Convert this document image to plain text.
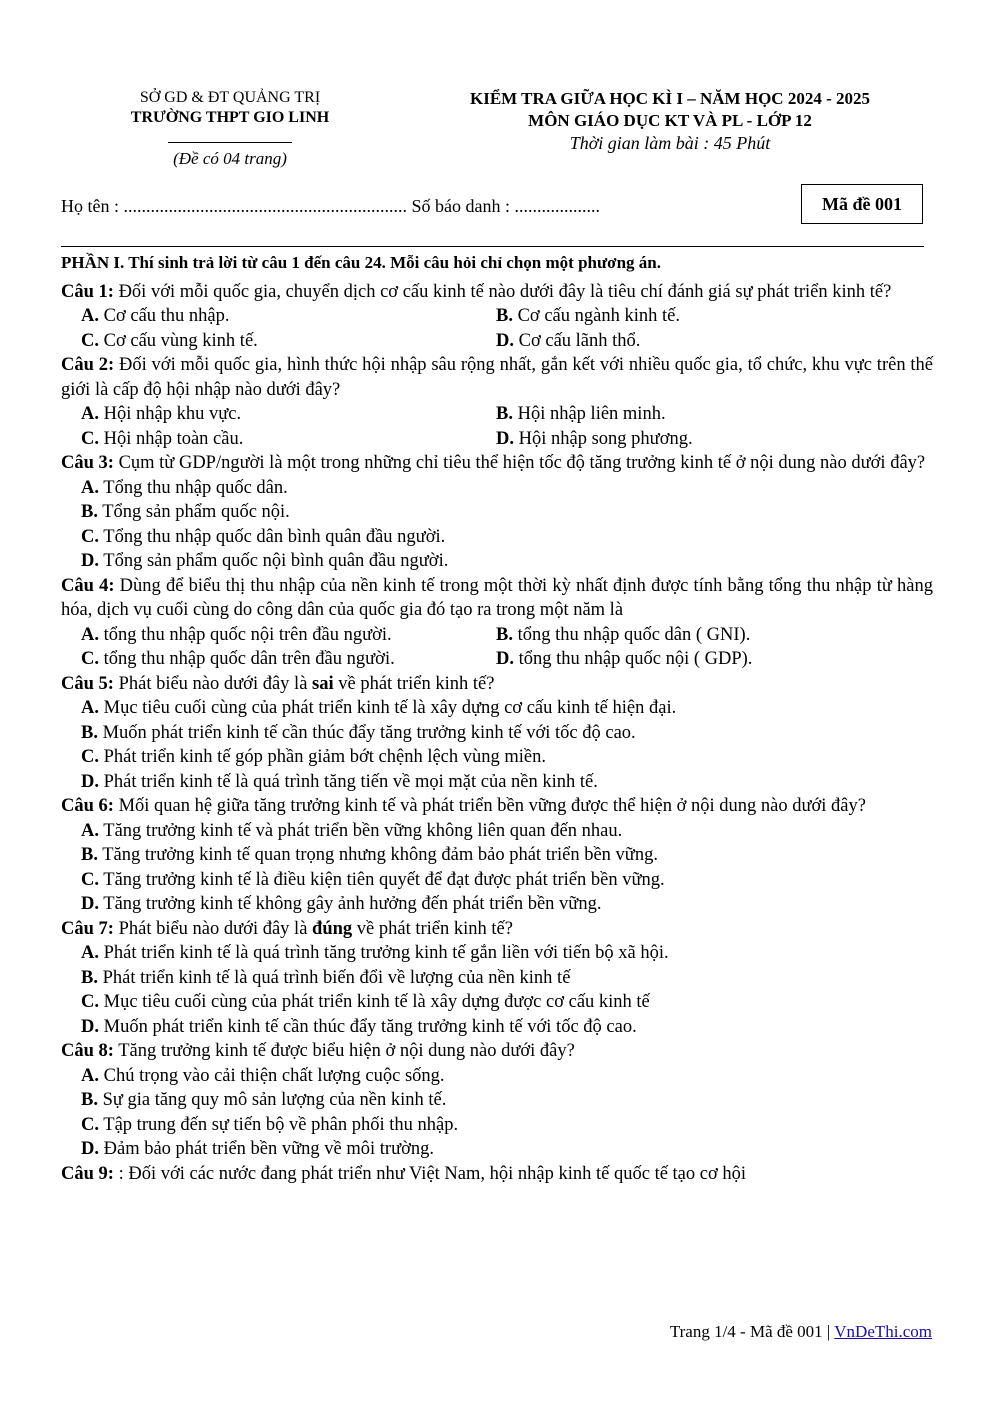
SỞ GD & ĐT QUẢNG TRỊ
TRƯỜNG THPT GIO LINH
(Đề có 04 trang)
KIỂM TRA GIỮA HỌC KÌ I – NĂM HỌC 2024 - 2025
MÔN GIÁO DỤC KT VÀ PL - LỚP 12
Thời gian làm bài : 45 Phút
Họ tên : ............................................................... Số báo danh : ...................	Mã đề 001
PHẦN I. Thí sinh trả lời từ câu 1 đến câu 24. Mỗi câu hỏi chỉ chọn một phương án.
Câu 1: Đối với mỗi quốc gia, chuyển dịch cơ cấu kinh tế nào dưới đây là tiêu chí đánh giá sự phát triển kinh tế?
A. Cơ cấu thu nhập.	B. Cơ cấu ngành kinh tế.
C. Cơ cấu vùng kinh tế.	D. Cơ cấu lãnh thổ.
Câu 2: Đối với mỗi quốc gia, hình thức hội nhập sâu rộng nhất, gắn kết với nhiều quốc gia, tổ chức, khu vực trên thế giới là cấp độ hội nhập nào dưới đây?
A. Hội nhập khu vực.	B. Hội nhập liên minh.
C. Hội nhập toàn cầu.	D. Hội nhập song phương.
Câu 3: Cụm từ GDP/người là một trong những chỉ tiêu thể hiện tốc độ tăng trưởng kinh tế ở nội dung nào dưới đây?
A. Tổng thu nhập quốc dân.
B. Tổng sản phẩm quốc nội.
C. Tổng thu nhập quốc dân bình quân đầu người.
D. Tổng sản phẩm quốc nội bình quân đầu người.
Câu 4: Dùng để biểu thị thu nhập của nền kinh tế trong một thời kỳ nhất định được tính bằng tổng thu nhập từ hàng hóa, dịch vụ cuối cùng do công dân của quốc gia đó tạo ra trong một năm là
A. tổng thu nhập quốc nội trên đầu người.	B. tổng thu nhập quốc dân ( GNI).
C. tổng thu nhập quốc dân trên đầu người.	D. tổng thu nhập quốc nội ( GDP).
Câu 5: Phát biểu nào dưới đây là sai về phát triển kinh tế?
A. Mục tiêu cuối cùng của phát triển kinh tế là xây dựng cơ cấu kinh tế hiện đại.
B. Muốn phát triển kinh tế cần thúc đẩy tăng trưởng kinh tế với tốc độ cao.
C. Phát triển kinh tế góp phần giảm bớt chệnh lệch vùng miền.
D. Phát triển kinh tế là quá trình tăng tiến về mọi mặt của nền kinh tế.
Câu 6: Mối quan hệ giữa tăng trưởng kinh tế và phát triển bền vững được thể hiện ở nội dung nào dưới đây?
A. Tăng trưởng kinh tế và phát triển bền vững không liên quan đến nhau.
B. Tăng trưởng kinh tế quan trọng nhưng không đảm bảo phát triển bền vững.
C. Tăng trưởng kinh tế là điều kiện tiên quyết để đạt được phát triển bền vững.
D. Tăng trưởng kinh tế không gây ảnh hưởng đến phát triển bền vững.
Câu 7: Phát biểu nào dưới đây là đúng về phát triển kinh tế?
A. Phát triển kinh tế là quá trình tăng trưởng kinh tế gắn liền với tiến bộ xã hội.
B. Phát triển kinh tế là quá trình biến đổi về lượng của nền kinh tế
C. Mục tiêu cuối cùng của phát triển kinh tế là xây dựng được cơ cấu kinh tế
D. Muốn phát triển kinh tế cần thúc đẩy tăng trưởng kinh tế với tốc độ cao.
Câu 8: Tăng trưởng kinh tế được biểu hiện ở nội dung nào dưới đây?
A. Chú trọng vào cải thiện chất lượng cuộc sống.
B. Sự gia tăng quy mô sản lượng của nền kinh tế.
C. Tập trung đến sự tiến bộ về phân phối thu nhập.
D. Đảm bảo phát triển bền vững về môi trường.
Câu 9: : Đối với các nước đang phát triển như Việt Nam, hội nhập kinh tế quốc tế tạo cơ hội
Trang 1/4 - Mã đề 001 | VnDeThi.com
